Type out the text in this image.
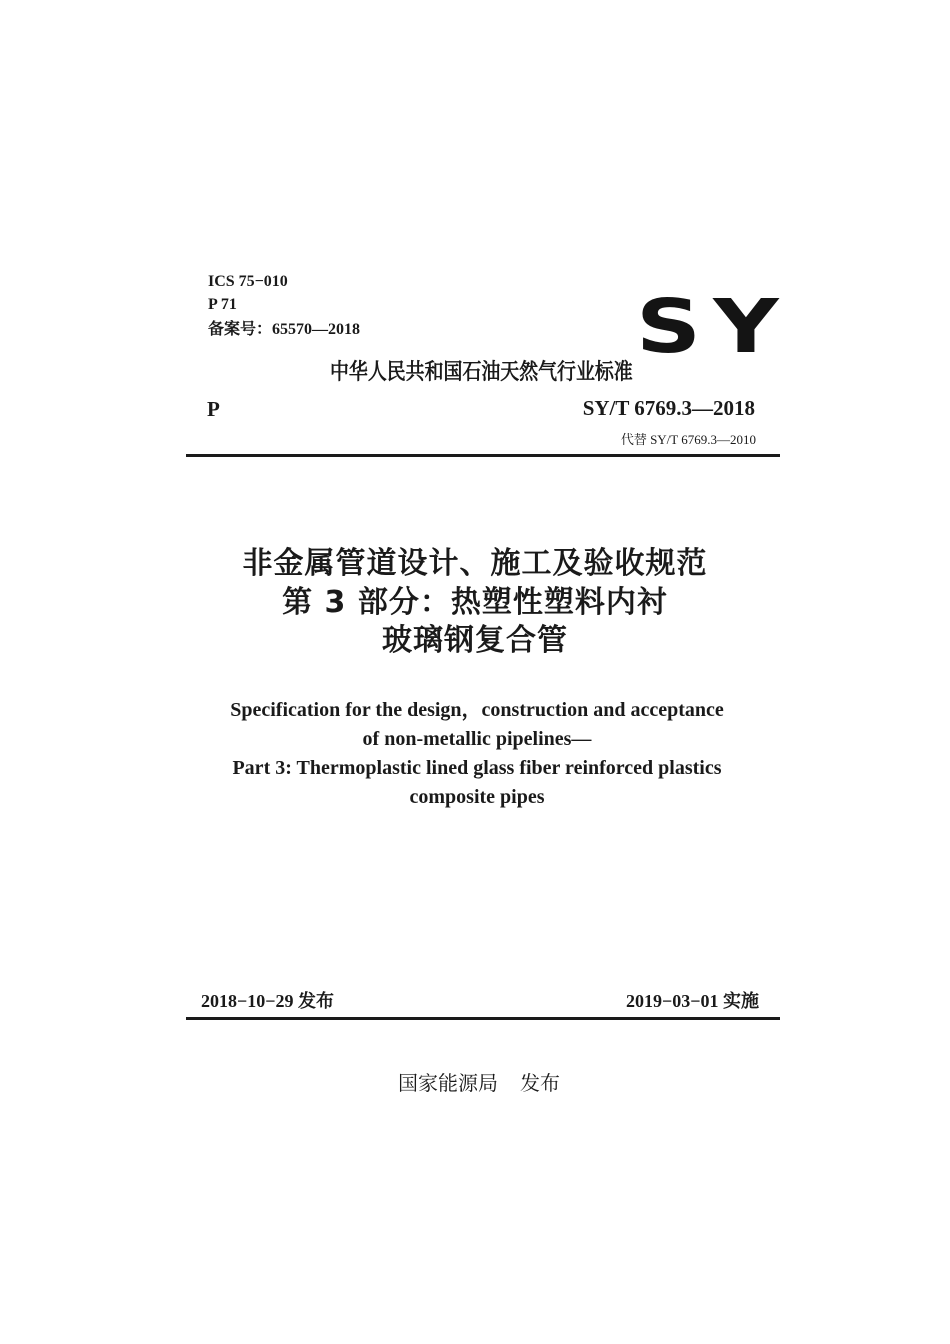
ICS 75−010
P 71
备案号：65570—2018	SY
中华人民共和国石油天然气行业标准
P	SY/T 6769.3—2018
代替 SY/T 6769.3—2010
非金属管道设计、施工及验收规范
第 3 部分：热塑性塑料内衬
玻璃钢复合管
Specification for the design，construction and acceptance
of non-metallic pipelines—
Part 3: Thermoplastic lined glass fiber reinforced plastics
composite pipes
2018−10−29 发布	2019−03−01 实施
国家能源局 发布
